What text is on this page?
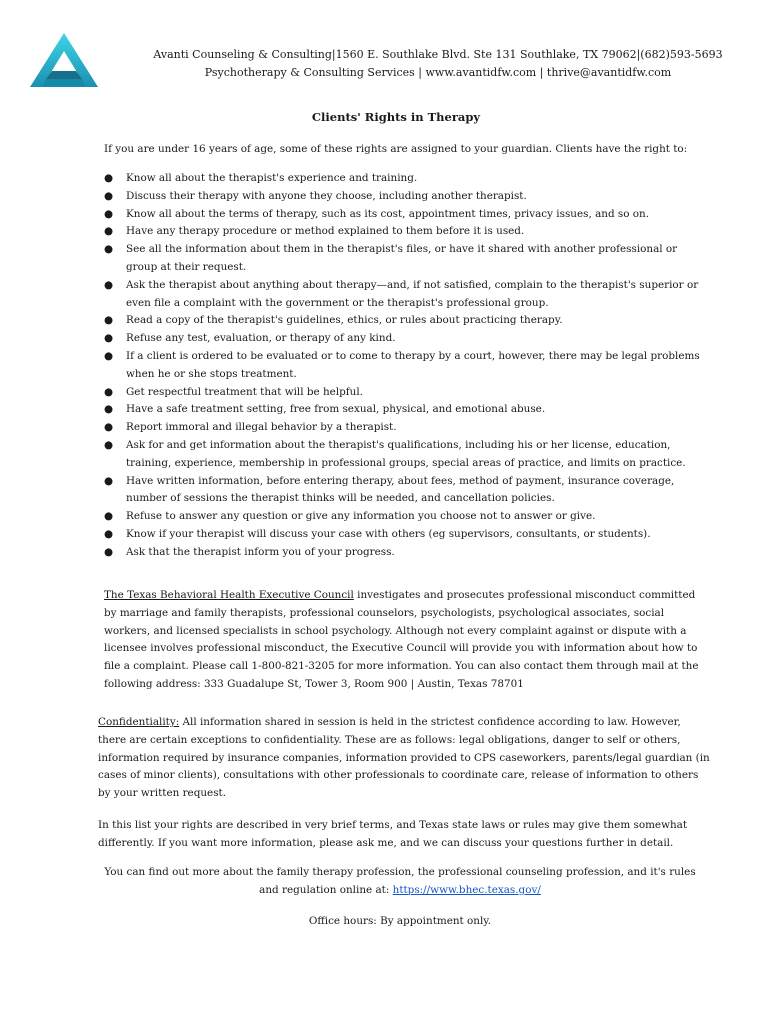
Avanti Counseling & Consulting|1560 E. Southlake Blvd. Ste 131 Southlake, TX 79062|(682)593-5693
Psychotherapy & Consulting Services | www.avantidfw.com | thrive@avantidfw.com
Clients' Rights in Therapy
If you are under 16 years of age, some of these rights are assigned to your guardian. Clients have the right to:
● Know all about the therapist's experience and training.
● Discuss their therapy with anyone they choose, including another therapist.
● Know all about the terms of therapy, such as its cost, appointment times, privacy issues, and so on.
● Have any therapy procedure or method explained to them before it is used.
● See all the information about them in the therapist's files, or have it shared with another professional or group at their request.
● Ask the therapist about anything about therapy—and, if not satisfied, complain to the therapist's superior or even file a complaint with the government or the therapist's professional group.
● Read a copy of the therapist's guidelines, ethics, or rules about practicing therapy.
● Refuse any test, evaluation, or therapy of any kind.
● If a client is ordered to be evaluated or to come to therapy by a court, however, there may be legal problems when he or she stops treatment.
● Get respectful treatment that will be helpful.
● Have a safe treatment setting, free from sexual, physical, and emotional abuse.
● Report immoral and illegal behavior by a therapist.
● Ask for and get information about the therapist's qualifications, including his or her license, education, training, experience, membership in professional groups, special areas of practice, and limits on practice.
● Have written information, before entering therapy, about fees, method of payment, insurance coverage, number of sessions the therapist thinks will be needed, and cancellation policies.
● Refuse to answer any question or give any information you choose not to answer or give.
● Know if your therapist will discuss your case with others (eg supervisors, consultants, or students).
● Ask that the therapist inform you of your progress.
The Texas Behavioral Health Executive Council investigates and prosecutes professional misconduct committed by marriage and family therapists, professional counselors, psychologists, psychological associates, social workers, and licensed specialists in school psychology. Although not every complaint against or dispute with a licensee involves professional misconduct, the Executive Council will provide you with information about how to file a complaint. Please call 1-800-821-3205 for more information. You can also contact them through mail at the following address: 333 Guadalupe St, Tower 3, Room 900 | Austin, Texas 78701
Confidentiality: All information shared in session is held in the strictest confidence according to law. However, there are certain exceptions to confidentiality. These are as follows: legal obligations, danger to self or others, information required by insurance companies, information provided to CPS caseworkers, parents/legal guardian (in cases of minor clients), consultations with other professionals to coordinate care, release of information to others by your written request.
In this list your rights are described in very brief terms, and Texas state laws or rules may give them somewhat differently. If you want more information, please ask me, and we can discuss your questions further in detail.
You can find out more about the family therapy profession, the professional counseling profession, and it's rules and regulation online at: https://www.bhec.texas.gov/
Office hours: By appointment only.
